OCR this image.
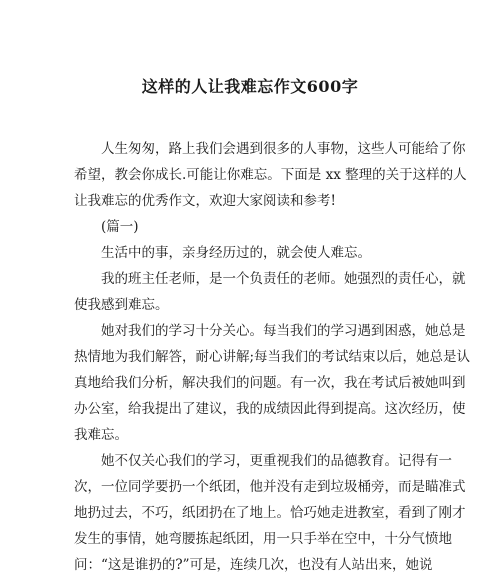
这样的人让我难忘作文600字
人生匆匆，路上我们会遇到很多的人事物，这些人可能给了你
希望，教会你成长.可能让你难忘。下面是 xx 整理的关于这样的人
让我难忘的优秀作文，欢迎大家阅读和参考!
(篇一)
生活中的事，亲身经历过的，就会使人难忘。
我的班主任老师，是一个负责任的老师。她强烈的责任心，就
使我感到难忘。
她对我们的学习十分关心。每当我们的学习遇到困惑，她总是
热情地为我们解答，耐心讲解;每当我们的考试结束以后，她总是认
真地给我们分析，解决我们的问题。有一次，我在考试后被她叫到
办公室，给我提出了建议，我的成绩因此得到提高。这次经历，使
我难忘。
她不仅关心我们的学习，更重视我们的品德教育。记得有一
次，一位同学要扔一个纸团，他并没有走到垃圾桶旁，而是瞄准式
地扔过去，不巧，纸团扔在了地上。恰巧她走进教室，看到了刚才
发生的事情，她弯腰拣起纸团，用一只手举在空中，十分气愤地
问：“这是谁扔的?”可是，连续几次，也没有人站出来，她说
